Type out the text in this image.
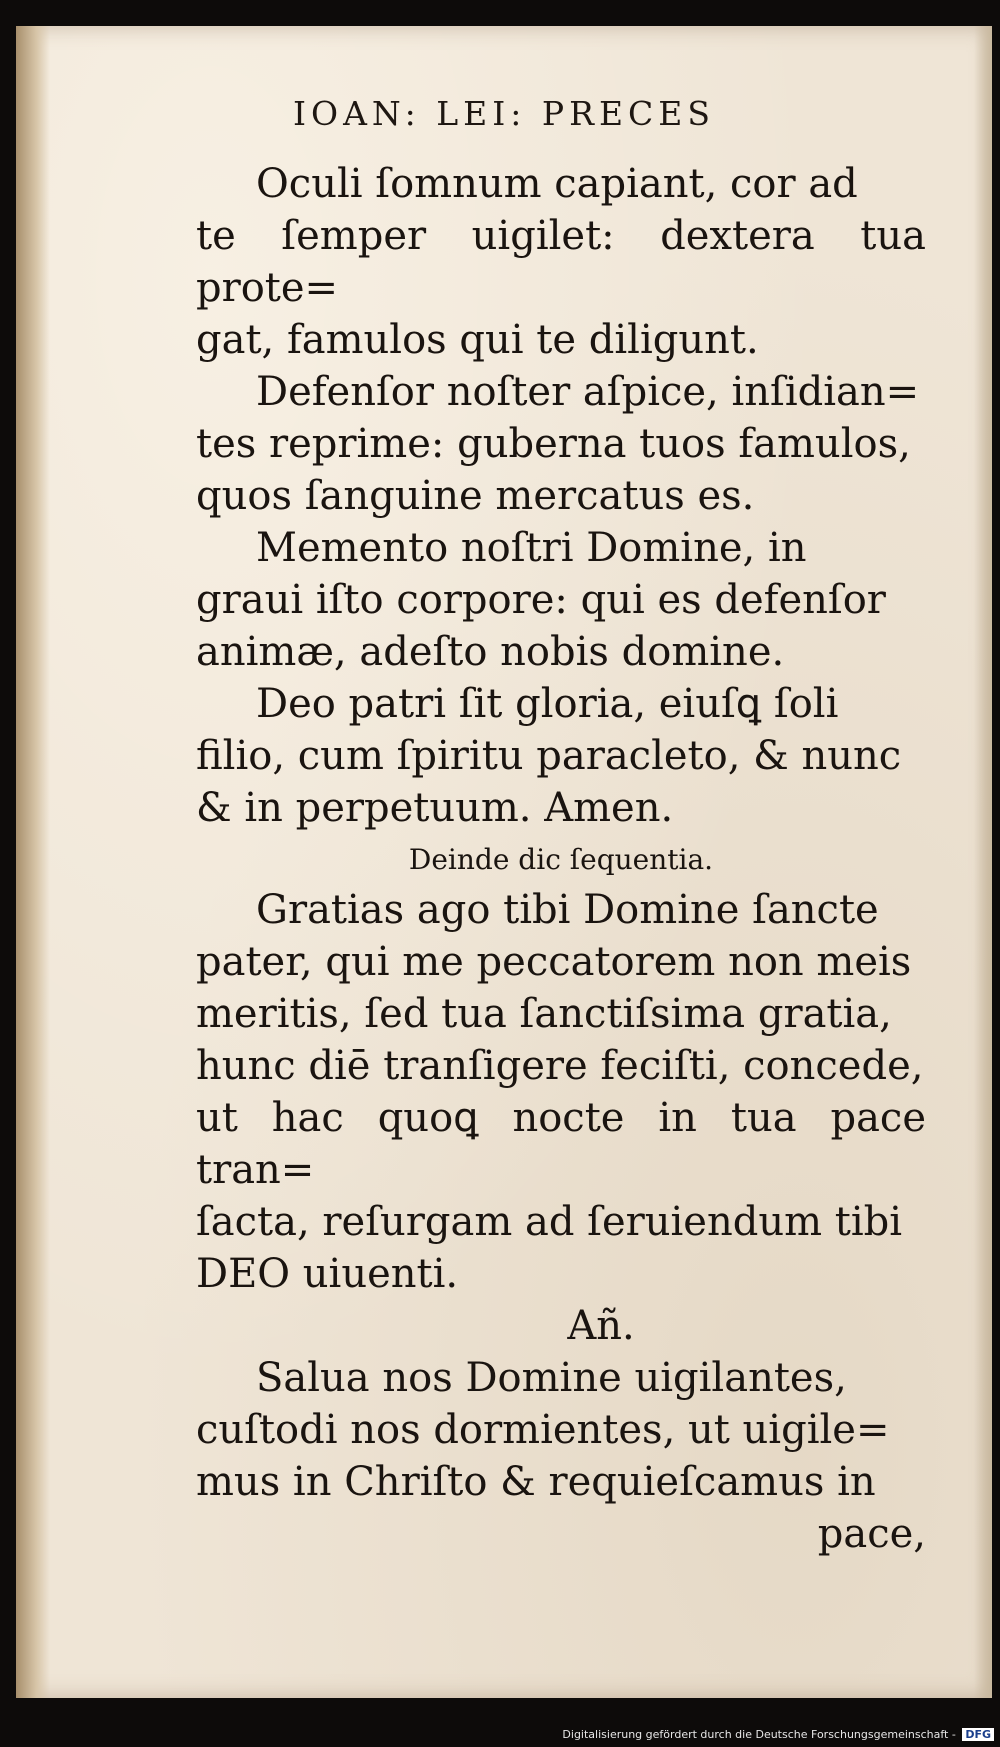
IOAN: LEI: PRECES

Oculi ſomnum capiant, cor ad
te ſemper uigilet: dextera tua prote=
gat, famulos qui te diligunt.

Defenſor noſter aſpice, inſidian=
tes reprime: guberna tuos famulos,
quos ſanguine mercatus es.

Memento noſtri Domine, in
graui iſto corpore: qui es defenſor
animæ, adeſto nobis domine.

Deo patri ſit gloria, eiuſꝗ ſoli
filio, cum ſpiritu paracleto, & nunc
& in perpetuum. Amen.

Deinde dic ſequentia.

Gratias ago tibi Domine ſancte
pater, qui me peccatorem non meis
meritis, ſed tua ſanctiſsima gratia,
hunc diē tranſigere feciſti, concede,
ut hac quoꝗ nocte in tua pace tran=
ſacta, reſurgam ad ſeruiendum tibi
DEO uiuenti.

Añ.

Salua nos Domine uigilantes,
cuſtodi nos dormientes, ut uigile=
mus in Chriſto & requieſcamus in

pace,
Digitalisierung gefördert durch die Deutsche Forschungsgemeinschaft - DFG
